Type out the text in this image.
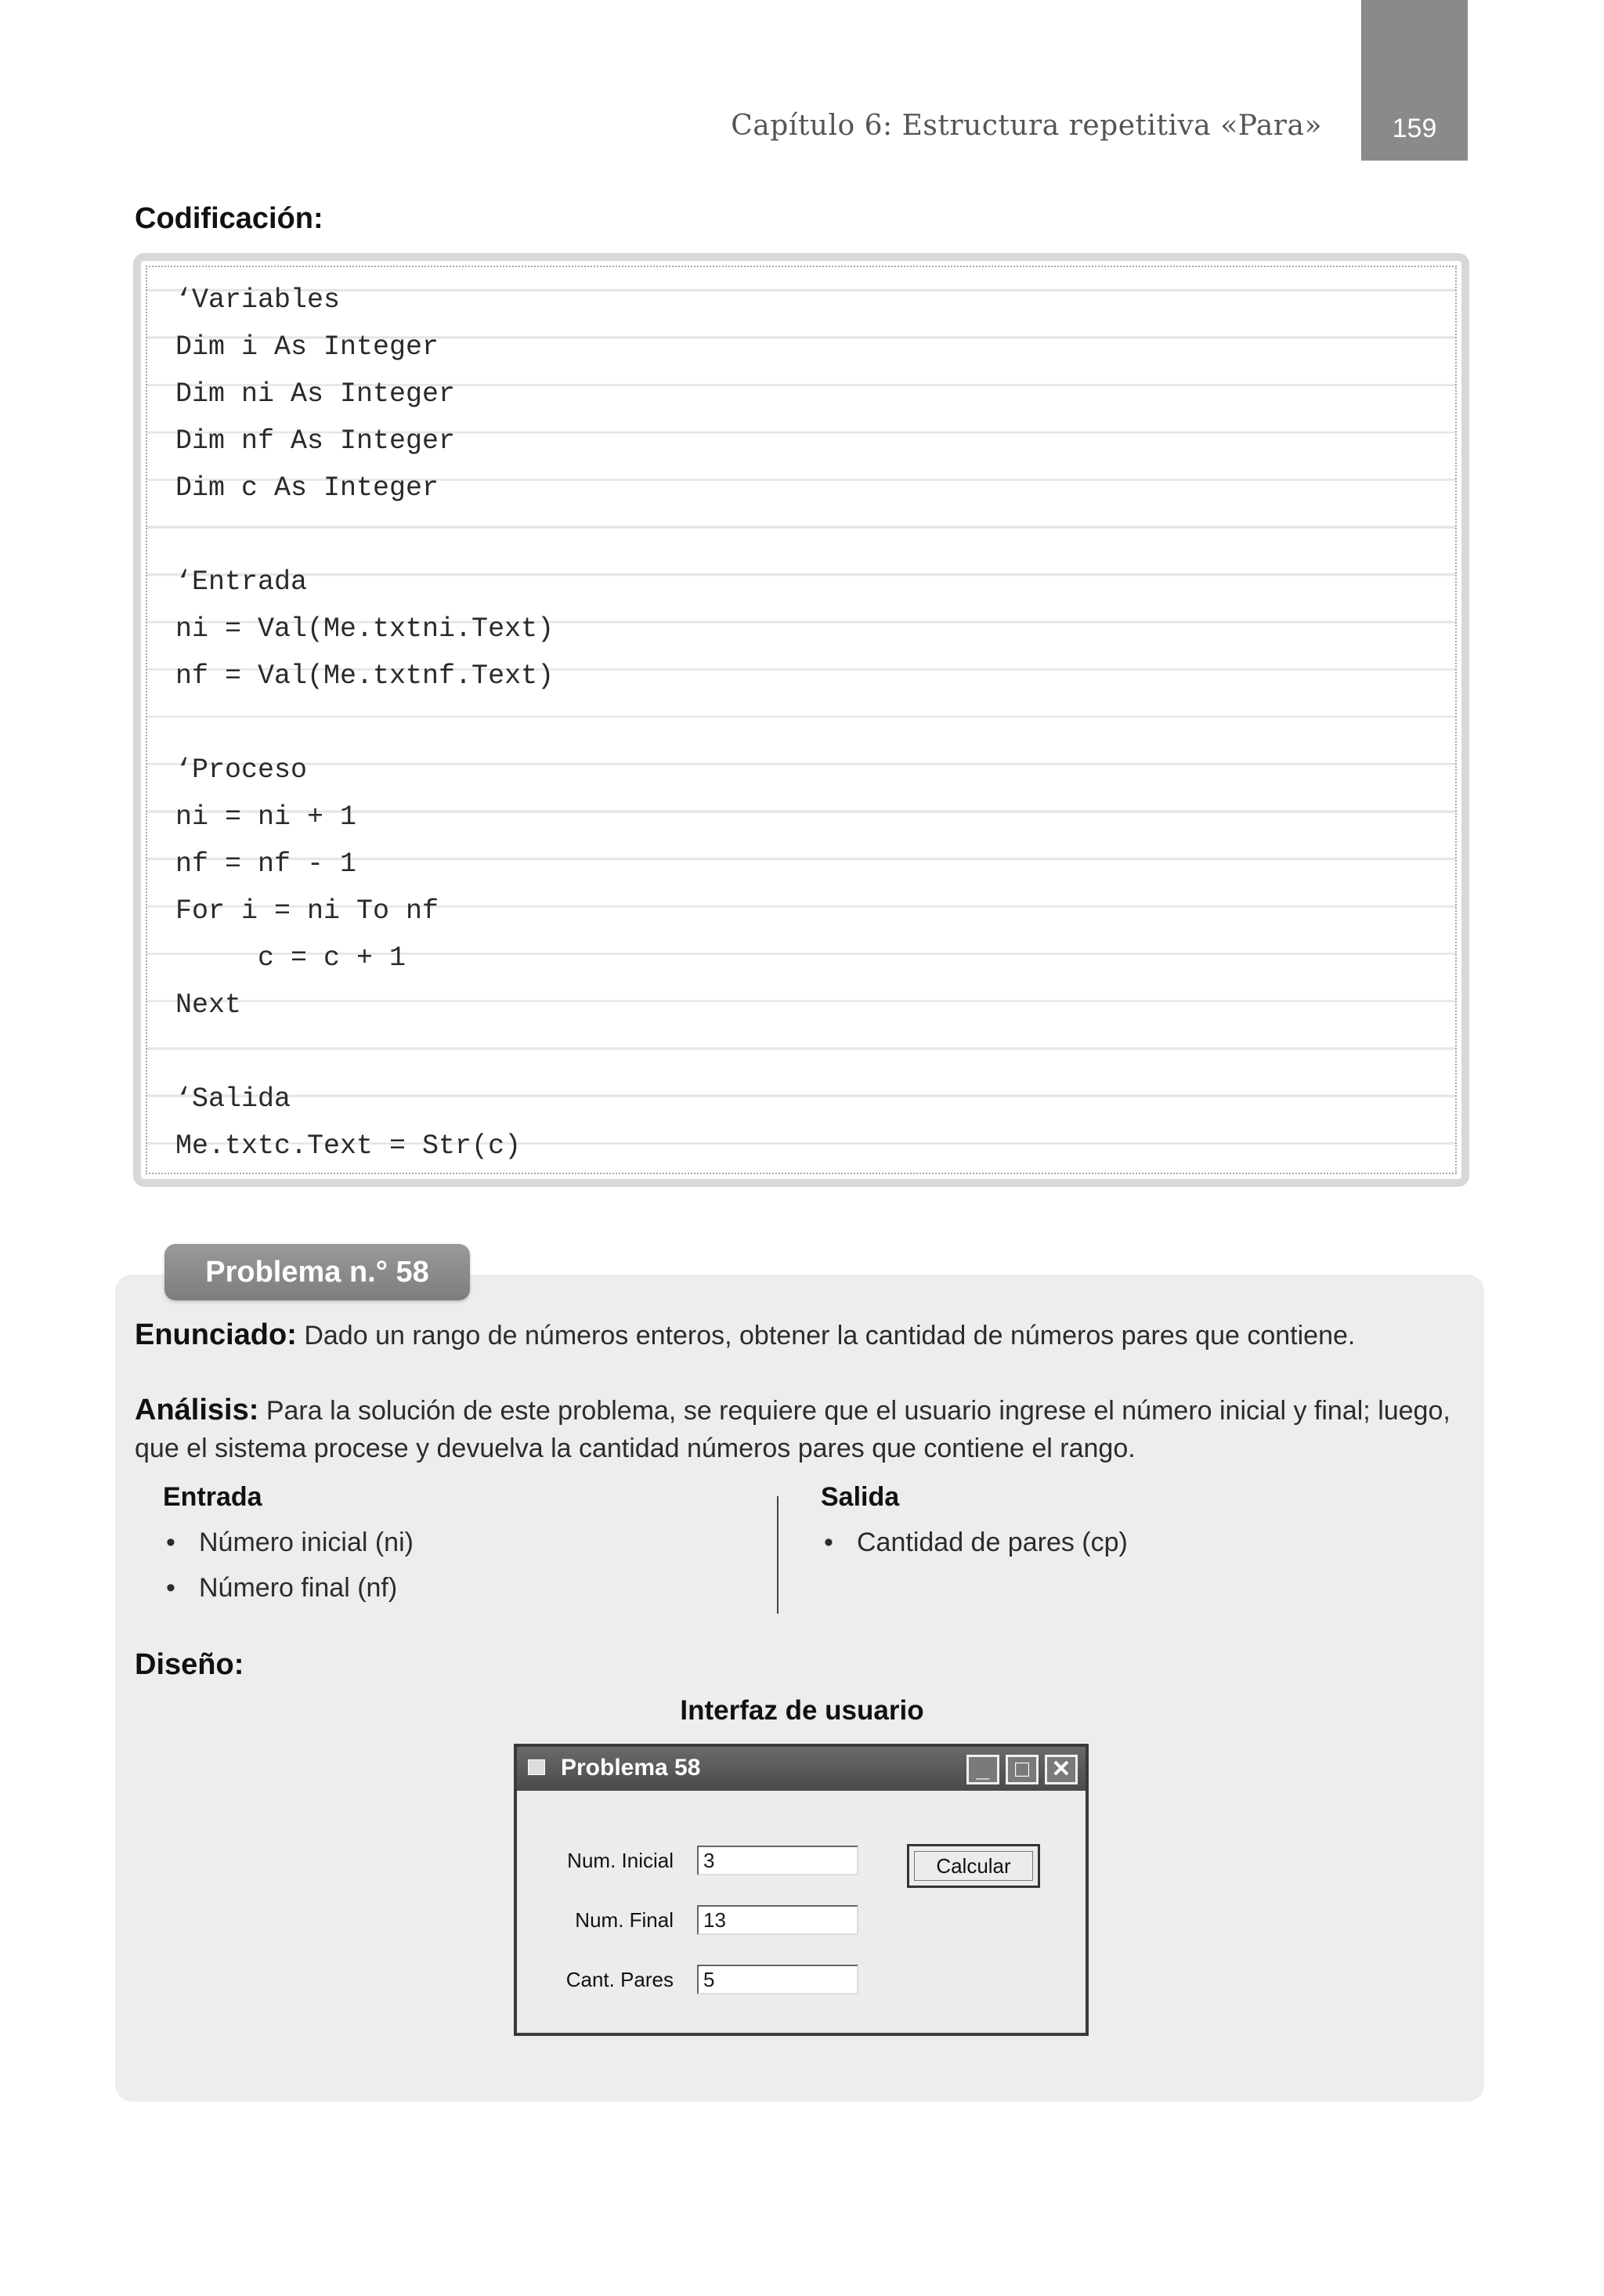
Capítulo 6: Estructura repetitiva «Para»	159
Codificación:
‘Variables
Dim i As Integer
Dim ni As Integer
Dim nf As Integer
Dim c As Integer
‘Entrada
ni = Val(Me.txtni.Text)
nf = Val(Me.txtnf.Text)
‘Proceso
ni = ni + 1
nf = nf - 1
For i = ni To nf
c = c + 1
Next
‘Salida
Me.txtc.Text = Str(c)
Problema n.° 58
Enunciado: Dado un rango de números enteros, obtener la cantidad de números pares que contiene.
Análisis: Para la solución de este problema, se requiere que el usuario ingrese el número inicial y final; luego, que el sistema procese y devuelva la cantidad números pares que contiene el rango.
Entrada
• Número inicial (ni)
• Número final (nf)
Salida
• Cantidad de pares (cp)
Diseño:
Interfaz de usuario
Problema 58	_	□ ✕
Num. Inicial	3
Num. Final	13
Cant. Pares	5
Calcular
